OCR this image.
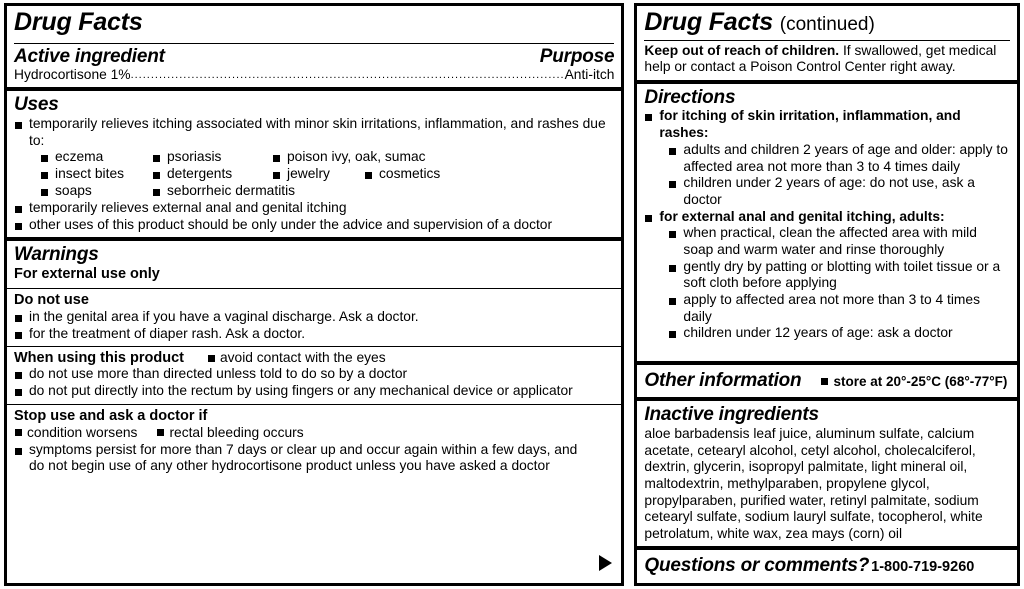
Drug Facts
Active ingredient	Purpose
Hydrocortisone 1% ........................................................................................................... Anti-itch
Uses
temporarily relieves itching associated with minor skin irritations, inflammation, and rashes due to:
eczema	psoriasis	poison ivy, oak, sumac
insect bites	detergents	jewelry	cosmetics
soaps	seborrheic dermatitis
temporarily relieves external anal and genital itching
other uses of this product should be only under the advice and supervision of a doctor
Warnings
For external use only
Do not use
in the genital area if you have a vaginal discharge. Ask a doctor.
for the treatment of diaper rash. Ask a doctor.
When using this product	avoid contact with the eyes
do not use more than directed unless told to do so by a doctor
do not put directly into the rectum by using fingers or any mechanical device or applicator
Stop use and ask a doctor if
condition worsens rectal bleeding occurs
symptoms persist for more than 7 days or clear up and occur again within a few days, and do not begin use of any other hydrocortisone product unless you have asked a doctor
Drug Facts (continued)
Keep out of reach of children. If swallowed, get medical help or contact a Poison Control Center right away.
Directions
for itching of skin irritation, inflammation, and rashes:
adults and children 2 years of age and older: apply to affected area not more than 3 to 4 times daily
children under 2 years of age: do not use, ask a doctor
for external anal and genital itching, adults:
when practical, clean the affected area with mild soap and warm water and rinse thoroughly
gently dry by patting or blotting with toilet tissue or a soft cloth before applying
apply to affected area not more than 3 to 4 times daily
children under 12 years of age: ask a doctor
Other information	store at 20°-25°C (68°-77°F)
Inactive ingredients
aloe barbadensis leaf juice, aluminum sulfate, calcium acetate, cetearyl alcohol, cetyl alcohol, cholecalciferol, dextrin, glycerin, isopropyl palmitate, light mineral oil, maltodextrin, methylparaben, propylene glycol, propylparaben, purified water, retinyl palmitate, sodium cetearyl sulfate, sodium lauryl sulfate, tocopherol, white petrolatum, white wax, zea mays (corn) oil
Questions or comments? 1-800-719-9260
